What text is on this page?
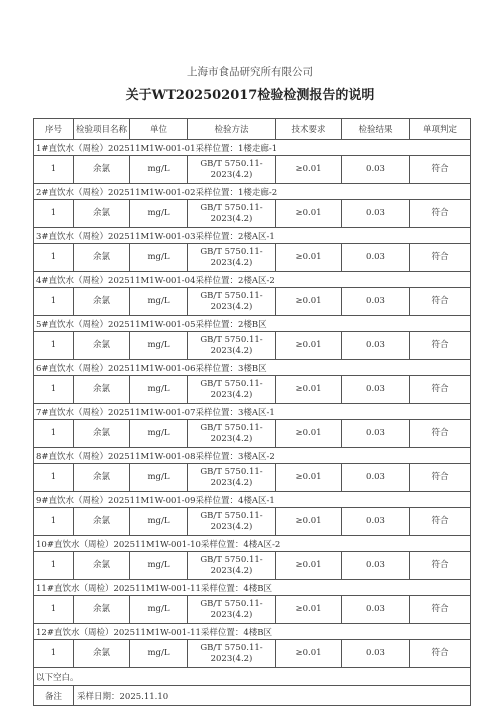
上海市食品研究所有限公司
关于WT202502017检验检测报告的说明
序号	检验项目名称	单位	检验方法	技术要求	检验结果	单项判定
1#直饮水（周检）202511M1W-001-01采样位置：1楼走廊-1						
1	余氯	mg/L	GB/T 5750.11-
2023(4.2)	≥0.01	0.03	符合
2#直饮水（周检）202511M1W-001-02采样位置：1楼走廊-2						
1	余氯	mg/L	GB/T 5750.11-
2023(4.2)	≥0.01	0.03	符合
3#直饮水（周检）202511M1W-001-03采样位置：2楼A区-1						
1	余氯	mg/L	GB/T 5750.11-
2023(4.2)	≥0.01	0.03	符合
4#直饮水（周检）202511M1W-001-04采样位置：2楼A区-2						
1	余氯	mg/L	GB/T 5750.11-
2023(4.2)	≥0.01	0.03	符合
5#直饮水（周检）202511M1W-001-05采样位置：2楼B区						
1	余氯	mg/L	GB/T 5750.11-
2023(4.2)	≥0.01	0.03	符合
6#直饮水（周检）202511M1W-001-06采样位置：3楼B区						
1	余氯	mg/L	GB/T 5750.11-
2023(4.2)	≥0.01	0.03	符合
7#直饮水（周检）202511M1W-001-07采样位置：3楼A区-1						
1	余氯	mg/L	GB/T 5750.11-
2023(4.2)	≥0.01	0.03	符合
8#直饮水（周检）202511M1W-001-08采样位置：3楼A区-2						
1	余氯	mg/L	GB/T 5750.11-
2023(4.2)	≥0.01	0.03	符合
9#直饮水（周检）202511M1W-001-09采样位置：4楼A区-1						
1	余氯	mg/L	GB/T 5750.11-
2023(4.2)	≥0.01	0.03	符合
10#直饮水（周检）202511M1W-001-10采样位置：4楼A区-2						
1	余氯	mg/L	GB/T 5750.11-
2023(4.2)	≥0.01	0.03	符合
11#直饮水（周检）202511M1W-001-11采样位置：4楼B区						
1	余氯	mg/L	GB/T 5750.11-
2023(4.2)	≥0.01	0.03	符合
12#直饮水（周检）202511M1W-001-11采样位置：4楼B区						
1	余氯	mg/L	GB/T 5750.11-
2023(4.2)	≥0.01	0.03	符合
以下空白。						
备注	采样日期：2025.11.10					
